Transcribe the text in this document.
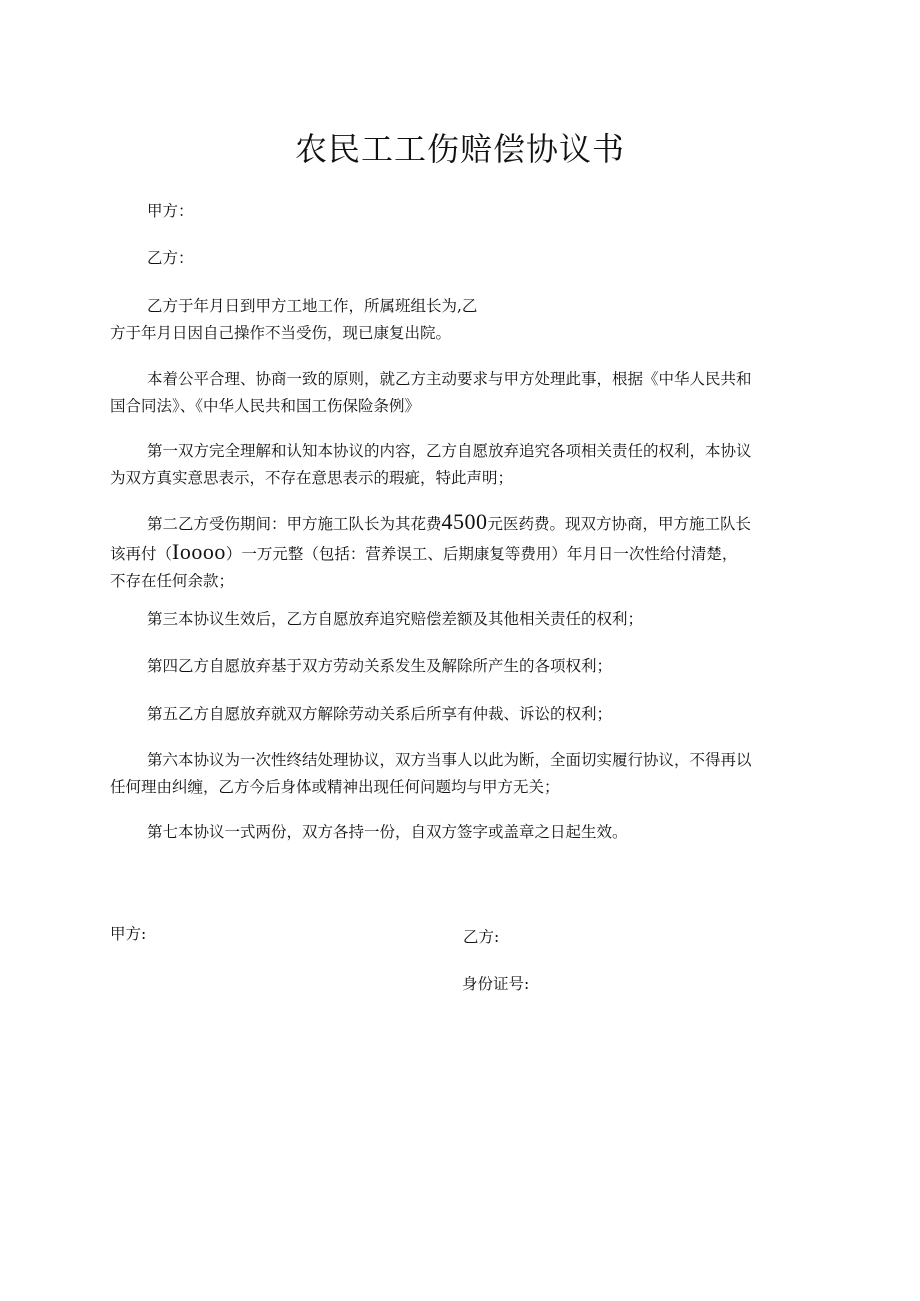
农民工工伤赔偿协议书

甲方：

乙方：

乙方于年月日到甲方工地工作，所属班组长为,乙
方于年月日因自己操作不当受伤，现已康复出院。

本着公平合理、协商一致的原则，就乙方主动要求与甲方处理此事，根据《中华人民共和
国合同法》、《中华人民共和国工伤保险条例》

第一双方完全理解和认知本协议的内容，乙方自愿放弃追究各项相关责任的权利，本协议
为双方真实意思表示，不存在意思表示的瑕疵，特此声明；

第二乙方受伤期间：甲方施工队长为其花费4500元医药费。现双方协商，甲方施工队长
该再付（Ioooo）一万元整（包括：营养误工、后期康复等费用）年月日一次性给付清楚，
不存在任何余款；

第三本协议生效后，乙方自愿放弃追究赔偿差额及其他相关责任的权利；

第四乙方自愿放弃基于双方劳动关系发生及解除所产生的各项权利；

第五乙方自愿放弃就双方解除劳动关系后所享有仲裁、诉讼的权利；

第六本协议为一次性终结处理协议，双方当事人以此为断，全面切实履行协议，不得再以
任何理由纠缠，乙方今后身体或精神出现任何问题均与甲方无关；

第七本协议一式两份，双方各持一份，自双方签字或盖章之日起生效。

甲方:	乙方:

身份证号:
